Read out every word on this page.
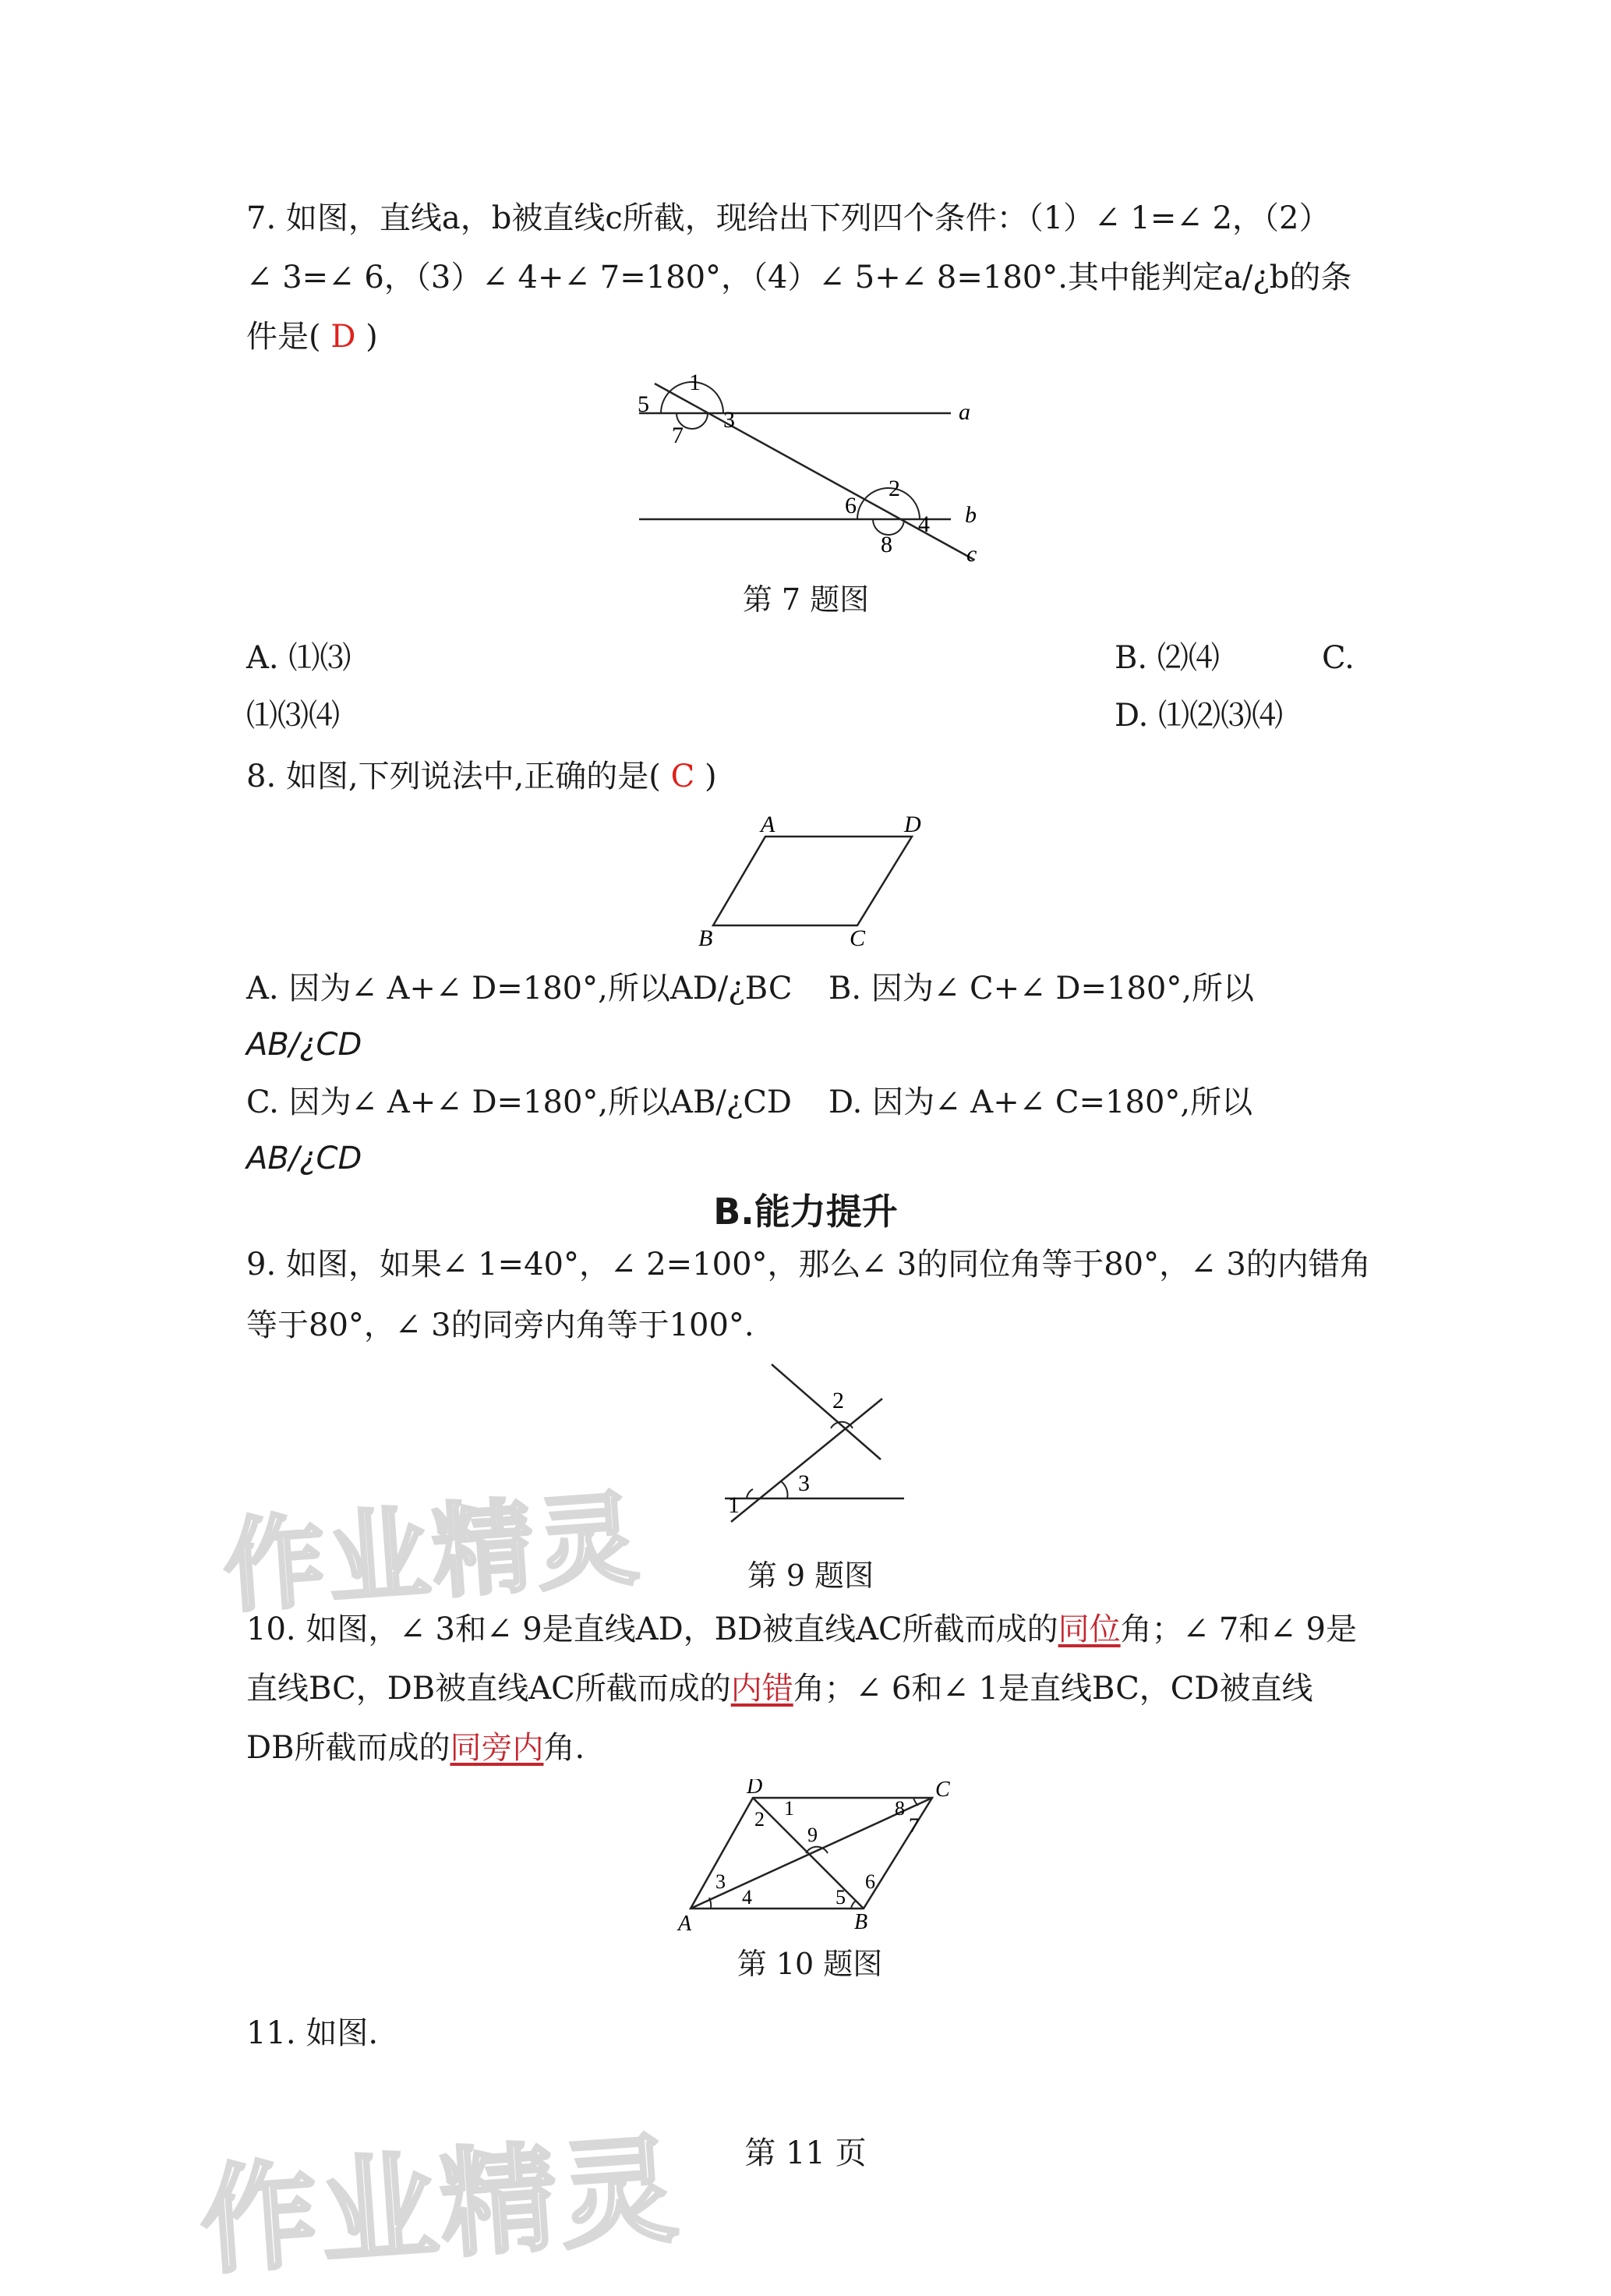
7. 如图，直线a，b被直线c所截，现给出下列四个条件：（1）∠ 1=∠ 2，（2）
∠ 3=∠ 6，（3）∠ 4+∠ 7=180°，（4）∠ 5+∠ 8=180°.其中能判定a/¿b的条
件是( D )
1
5
7
3	a
6
2
4 b
8	c
第 7 题图
A. ⑴⑶	B. ⑵⑷	C.
⑴⑶⑷	D. ⑴⑵⑶⑷
8. 如图,下列说法中,正确的是( C )
A	D
B	C
A. 因为∠ A+∠ D=180°,所以AD/¿BC B. 因为∠ C+∠ D=180°,所以
AB/¿CD
C. 因为∠ A+∠ D=180°,所以AB/¿CD D. 因为∠ A+∠ C=180°,所以
AB/¿CD
B.能力提升
9. 如图，如果∠ 1=40°，∠ 2=100°，那么∠ 3的同位角等于80°，∠ 3的内错角
等于80°，∠ 3的同旁内角等于100°.
2
3
1
第 9 题图
10. 如图，∠ 3和∠ 9是直线AD，BD被直线AC所截而成的同位角；∠ 7和∠ 9是
直线BC，DB被直线AC所截而成的内错角；∠ 6和∠ 1是直线BC，CD被直线
DB所截而成的同旁内角.
D	C
2 1
9
8
7
3
5
6
A
4
B
第 10 题图
11. 如图.
第 11 页
作业精灵
作业精灵
